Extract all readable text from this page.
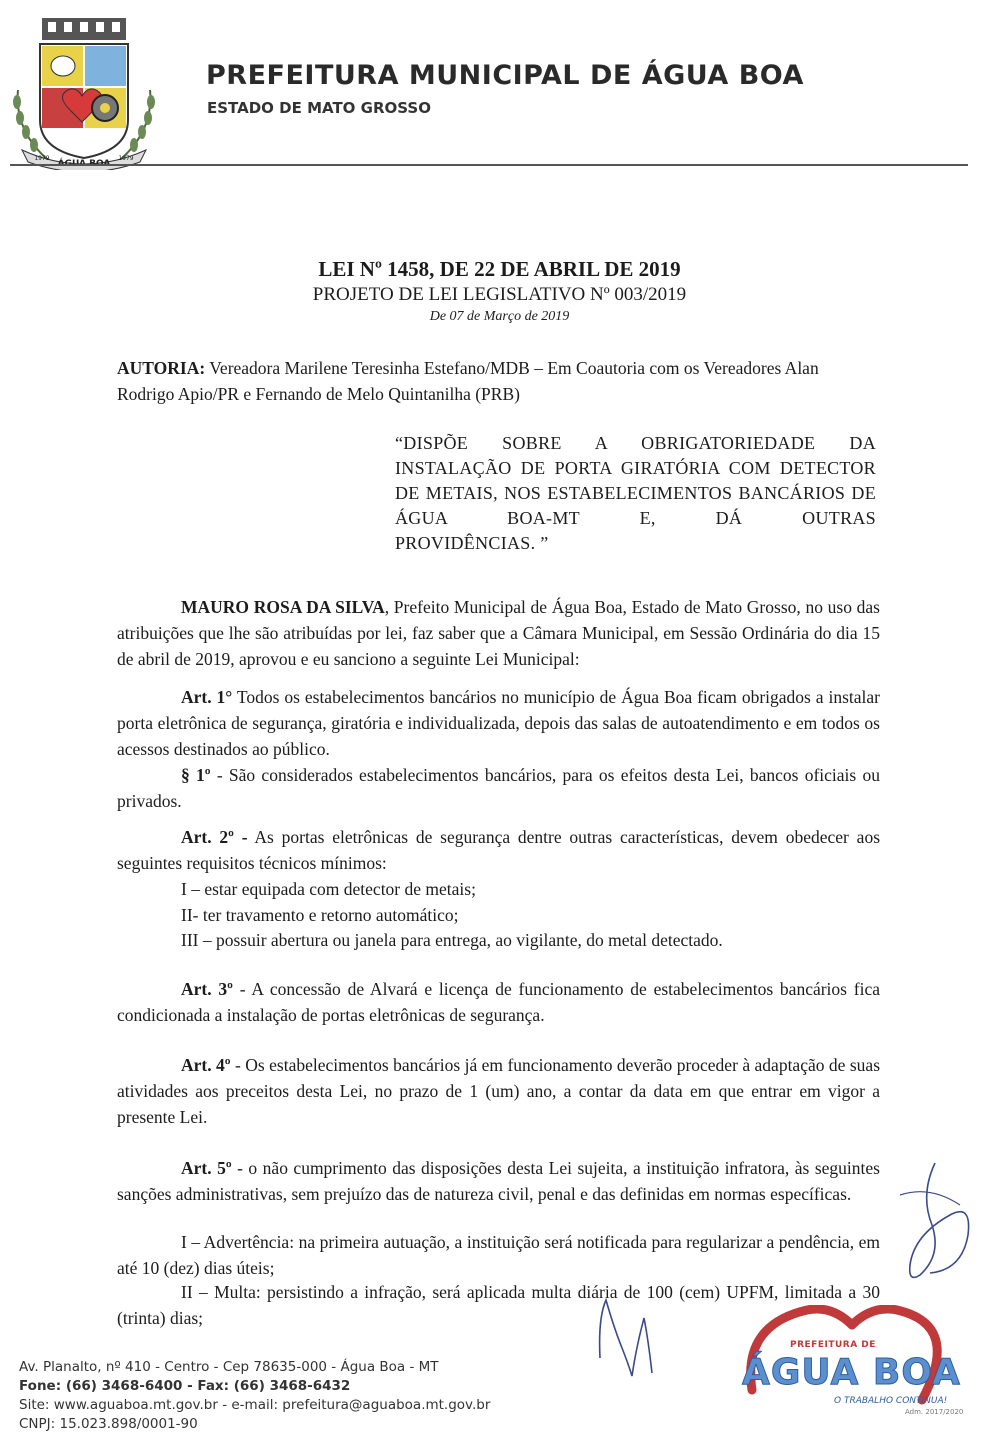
1979	1979
PREFEITURA MUNICIPAL DE ÁGUA BOA
ESTADO DE MATO GROSSO
LEI Nº 1458, DE 22 DE ABRIL DE 2019
PROJETO DE LEI LEGISLATIVO Nº 003/2019
De 07 de Março de 2019
AUTORIA: Vereadora Marilene Teresinha Estefano/MDB – Em Coautoria com os Vereadores Alan Rodrigo Apio/PR e Fernando de Melo Quintanilha (PRB)
“DISPÕE SOBRE A OBRIGATORIEDADE DA INSTALAÇÃO DE PORTA GIRATÓRIA COM DETECTOR DE METAIS, NOS ESTABELECIMENTOS BANCÁRIOS DE ÁGUA BOA-MT E, DÁ OUTRAS
PROVIDÊNCIAS. ”
MAURO ROSA DA SILVA, Prefeito Municipal de Água Boa, Estado de Mato Grosso, no uso das atribuições que lhe são atribuídas por lei, faz saber que a Câmara Municipal, em Sessão Ordinária do dia 15 de abril de 2019, aprovou e eu sanciono a seguinte Lei Municipal:
Art. 1° Todos os estabelecimentos bancários no município de Água Boa ficam obrigados a instalar porta eletrônica de segurança, giratória e individualizada, depois das salas de autoatendimento e em todos os acessos destinados ao público.
§ 1º - São considerados estabelecimentos bancários, para os efeitos desta Lei, bancos oficiais ou privados.
Art. 2º - As portas eletrônicas de segurança dentre outras características, devem obedecer aos seguintes requisitos técnicos mínimos:
I – estar equipada com detector de metais;
II- ter travamento e retorno automático;
III – possuir abertura ou janela para entrega, ao vigilante, do metal detectado.
Art. 3º - A concessão de Alvará e licença de funcionamento de estabelecimentos bancários fica condicionada a instalação de portas eletrônicas de segurança.
Art. 4º - Os estabelecimentos bancários já em funcionamento deverão proceder à adaptação de suas atividades aos preceitos desta Lei, no prazo de 1 (um) ano, a contar da data em que entrar em vigor a presente Lei.
Art. 5º - o não cumprimento das disposições desta Lei sujeita, a instituição infratora, às seguintes sanções administrativas, sem prejuízo das de natureza civil, penal e das definidas em normas específicas.
I – Advertência: na primeira autuação, a instituição será notificada para regularizar a pendência, em até 10 (dez) dias úteis;
II – Multa: persistindo a infração, será aplicada multa diária de 100 (cem) UPFM, limitada a 30 (trinta) dias;
Av. Planalto, nº 410 - Centro - Cep 78635-000 - Água Boa - MT
Fone: (66) 3468-6400 - Fax: (66) 3468-6432
Site: www.aguaboa.mt.gov.br - e-mail: prefeitura@aguaboa.mt.gov.br
CNPJ: 15.023.898/0001-90
PREFEITURA DE
ÁGUA BOA
O TRABALHO CONTINUA!
Adm. 2017/2020
